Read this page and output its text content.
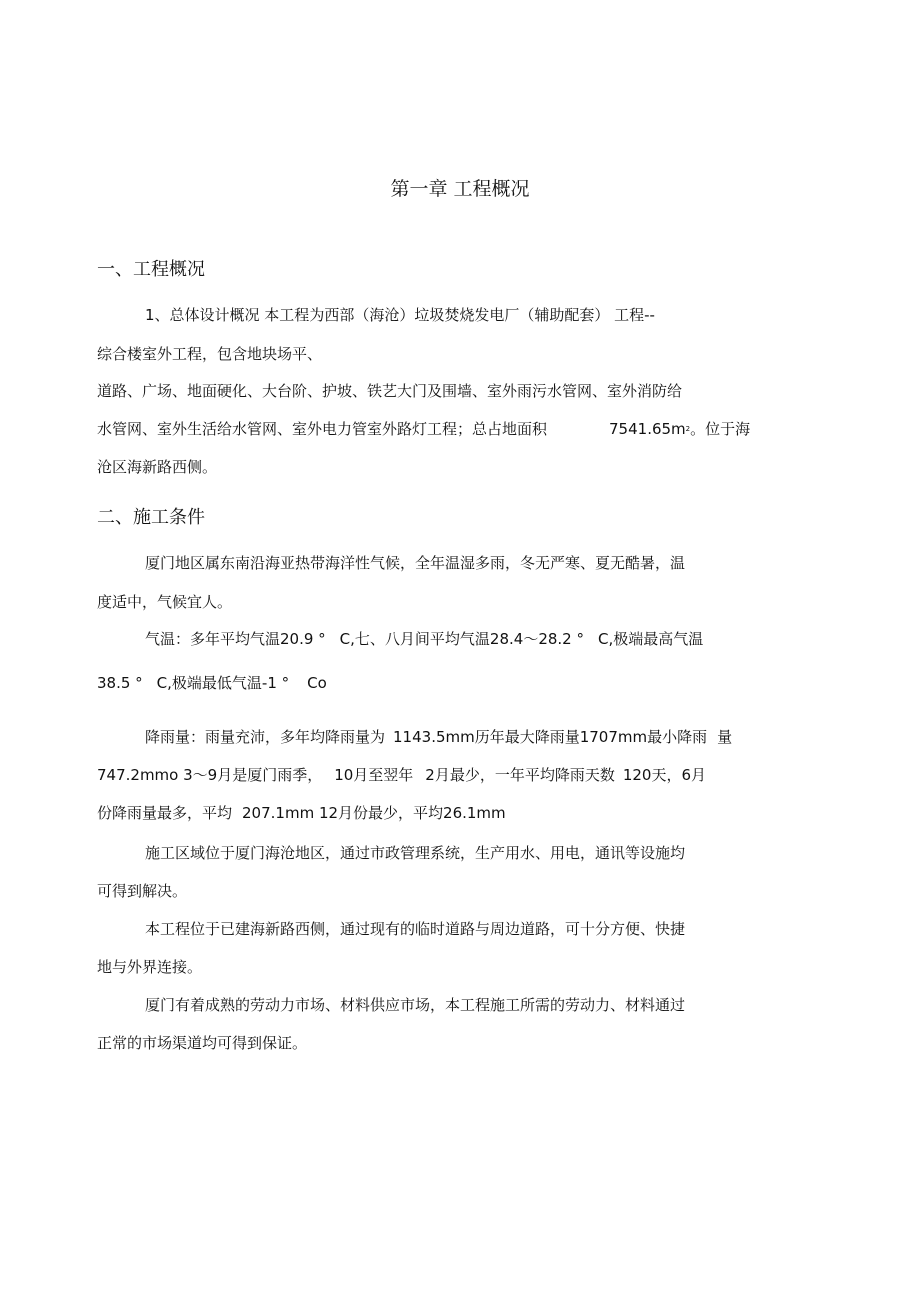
第一章 工程概况
一、工程概况
1、总体设计概况 本工程为西部（海沧）垃圾焚烧发电厂（辅助配套） 工程--
综合楼室外工程，包含地块场平、
道路、广场、地面硬化、大台阶、护坡、铁艺大门及围墙、室外雨污水管网、室外消防给
水管网、室外生活给水管网、室外电力管室外路灯工程；总占地面积	$7541.65m^2$。位于海
沧区海新路西侧。
二、施工条件
厦门地区属东南沿海亚热带海洋性气候，全年温湿多雨，冬无严寒、夏无酷暑，温
度适中，气候宜人。
气温：多年平均气温20.9 ° C,七、八月间平均气温28.4～28.2 ° C,极端最高气温
38.5 ° C,极端最低气温-1 ° Co
降雨量：雨量充沛，多年均降雨量为 1143.5mm历年最大降雨量1707mm最小降雨 量
747.2mmo 3～9月是厦门雨季， 10月至翌年 2月最少，一年平均降雨天数 120天，6月
份降雨量最多，平均 207.1mm 12月份最少，平均26.1mm
施工区域位于厦门海沧地区，通过市政管理系统，生产用水、用电，通讯等设施均
可得到解决。
本工程位于已建海新路西侧，通过现有的临时道路与周边道路，可十分方便、快捷
地与外界连接。
厦门有着成熟的劳动力市场、材料供应市场，本工程施工所需的劳动力、材料通过
正常的市场渠道均可得到保证。
